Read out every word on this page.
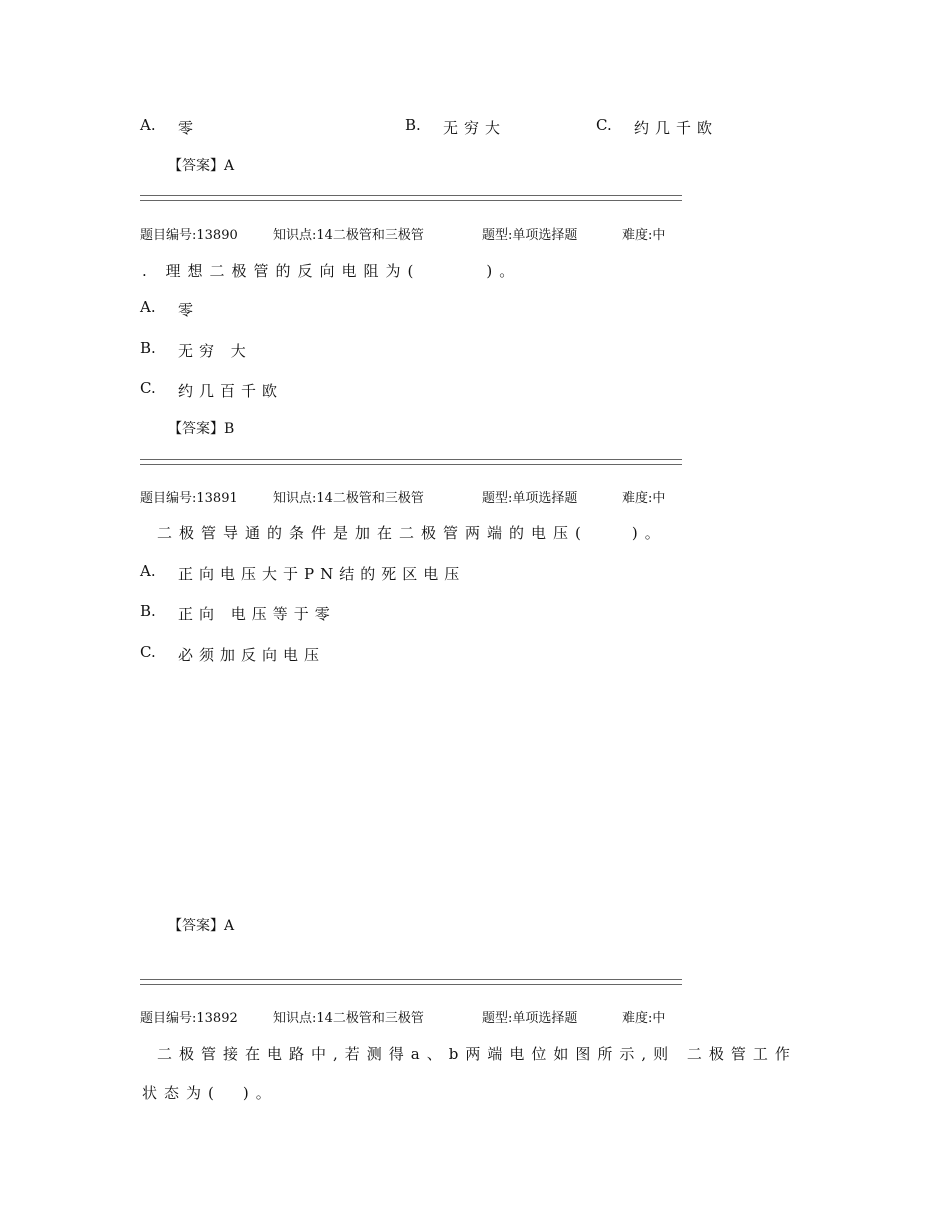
A. 零	B. 无穷大	C. 约几千欧
【答案】A
题目编号:13890	知识点:14二极管和三极管	题型:单项选择题	难度:中
. 理想二极管的反向电阻为(　　　)。
A. 零
B. 无穷 大
C. 约几百千欧
【答案】B
题目编号:13891	知识点:14二极管和三极管	题型:单项选择题	难度:中
二极管导通的条件是加在二极管两端的电压(　　)。
A. 正向电压大于PN结的死区电压
B. 正向 电压等于零
C. 必须加反向电压
【答案】A
题目编号:13892	知识点:14二极管和三极管	题型:单项选择题	难度:中
二极管接在电路中,若测得a、b两端电位如图所示,则 二极管工作
状态为(　)。
